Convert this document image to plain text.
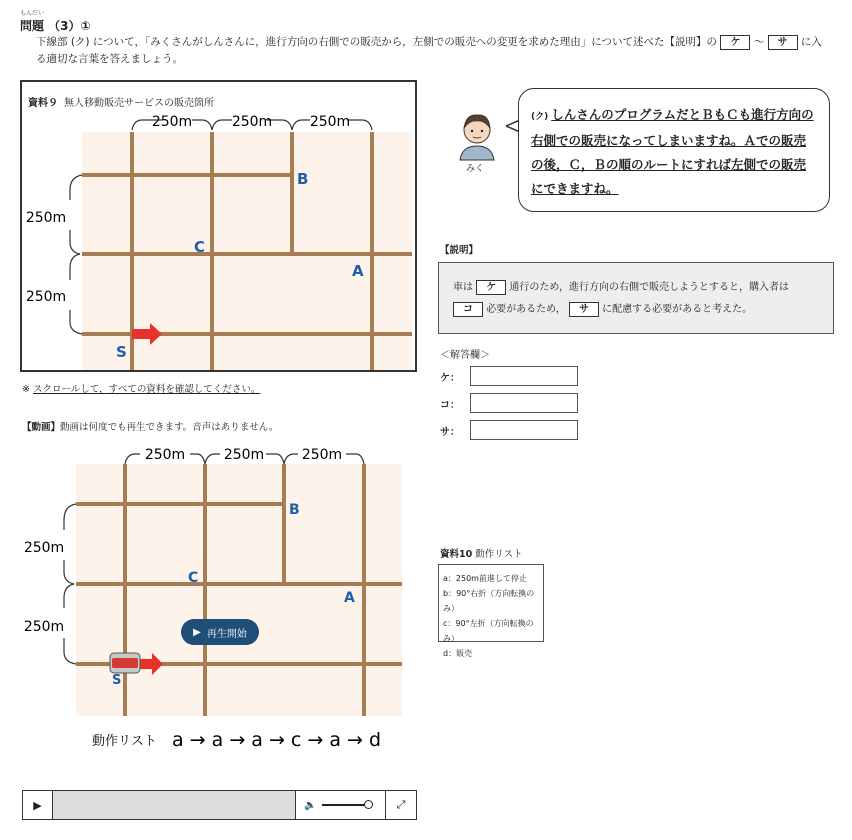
もんだい
問題 （3）①
下線部 (ク) について，「みくさんがしんさんに，進行方向の右側での販売から，左側での販売への変更を求めた理由」について述べた【説明】の ケ ～ サ に入る適切な言葉を答えましょう。
資料９ 無人移動販売サービスの販売箇所
250m	250m	250m
250m
250m
B
C
A
S
※ スクロールして，すべての資料を確認してください。
【動画】動画は何度でも再生できます。音声はありません。
250m	250m	250m
250m
250m
B
C
A
S
動作リスト a → a → a → c → a → d
▶ 再生開始
▶	🔈	⤢
みく
(ク) しんさんのプログラムだとＢもＣも進行方向の右側での販売になってしまいますね。Ａでの販売の後，Ｃ，Ｂの順のルートにすれば左側での販売にできますね。
【説明】
車は ケ 通行のため，進行方向の右側で販売しようとすると，購入者は
コ 必要があるため， サ に配慮する必要があると考えた。
＜解答欄＞
ケ：
コ：
サ：
資料10 動作リスト
a：250m前進して停止
b：90°右折（方向転換のみ）
c：90°左折（方向転換のみ）
d：販売
